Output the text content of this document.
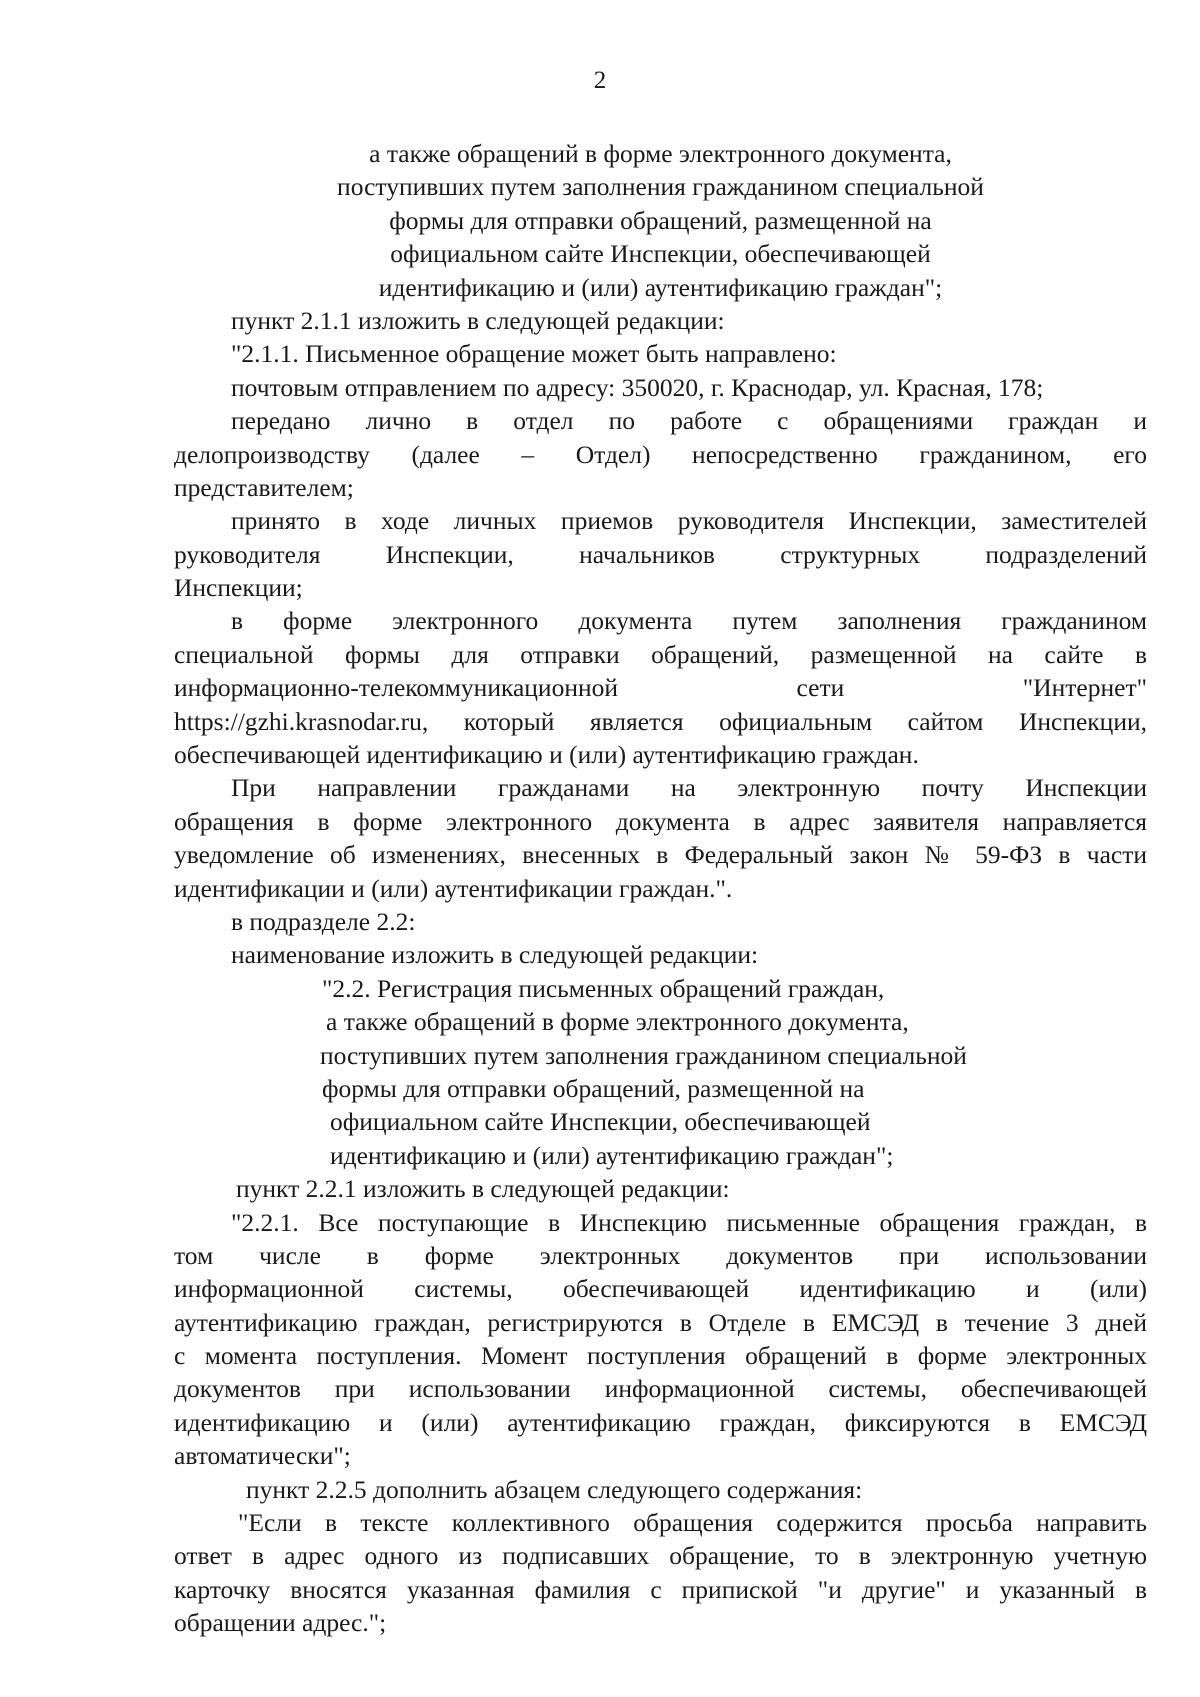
2
а также обращений в форме электронного документа,
поступивших путем заполнения гражданином специальной
формы для отправки обращений, размещенной на
официальном сайте Инспекции, обеспечивающей
идентификацию и (или) аутентификацию граждан";
пункт 2.1.1 изложить в следующей редакции:
"2.1.1. Письменное обращение может быть направлено:
почтовым отправлением по адресу: 350020, г. Краснодар, ул. Красная, 178;
передано лично в отдел по работе с обращениями граждан и
делопроизводству (далее – Отдел) непосредственно гражданином, его
представителем;
принято в ходе личных приемов руководителя Инспекции, заместителей
руководителя Инспекции, начальников структурных подразделений
Инспекции;
в форме электронного документа путем заполнения гражданином
специальной формы для отправки обращений, размещенной на сайте в
информационно-телекоммуникационной сети "Интернет"
https://gzhi.krasnodar.ru, который является официальным сайтом Инспекции,
обеспечивающей идентификацию и (или) аутентификацию граждан.
При направлении гражданами на электронную почту Инспекции
обращения в форме электронного документа в адрес заявителя направляется
уведомление об изменениях, внесенных в Федеральный закон № 59-ФЗ в части
идентификации и (или) аутентификации граждан.".
в подразделе 2.2:
наименование изложить в следующей редакции:
"2.2. Регистрация письменных обращений граждан,
а также обращений в форме электронного документа,
поступивших путем заполнения гражданином специальной
формы для отправки обращений, размещенной на
официальном сайте Инспекции, обеспечивающей
идентификацию и (или) аутентификацию граждан";
пункт 2.2.1 изложить в следующей редакции:
"2.2.1. Все поступающие в Инспекцию письменные обращения граждан, в
том числе в форме электронных документов при использовании
информационной системы, обеспечивающей идентификацию и (или)
аутентификацию граждан, регистрируются в Отделе в ЕМСЭД в течение 3 дней
с момента поступления. Момент поступления обращений в форме электронных
документов при использовании информационной системы, обеспечивающей
идентификацию и (или) аутентификацию граждан, фиксируются в ЕМСЭД
автоматически";
пункт 2.2.5 дополнить абзацем следующего содержания:
"Если в тексте коллективного обращения содержится просьба направить
ответ в адрес одного из подписавших обращение, то в электронную учетную
карточку вносятся указанная фамилия с припиской "и другие" и указанный в
обращении адрес.";
